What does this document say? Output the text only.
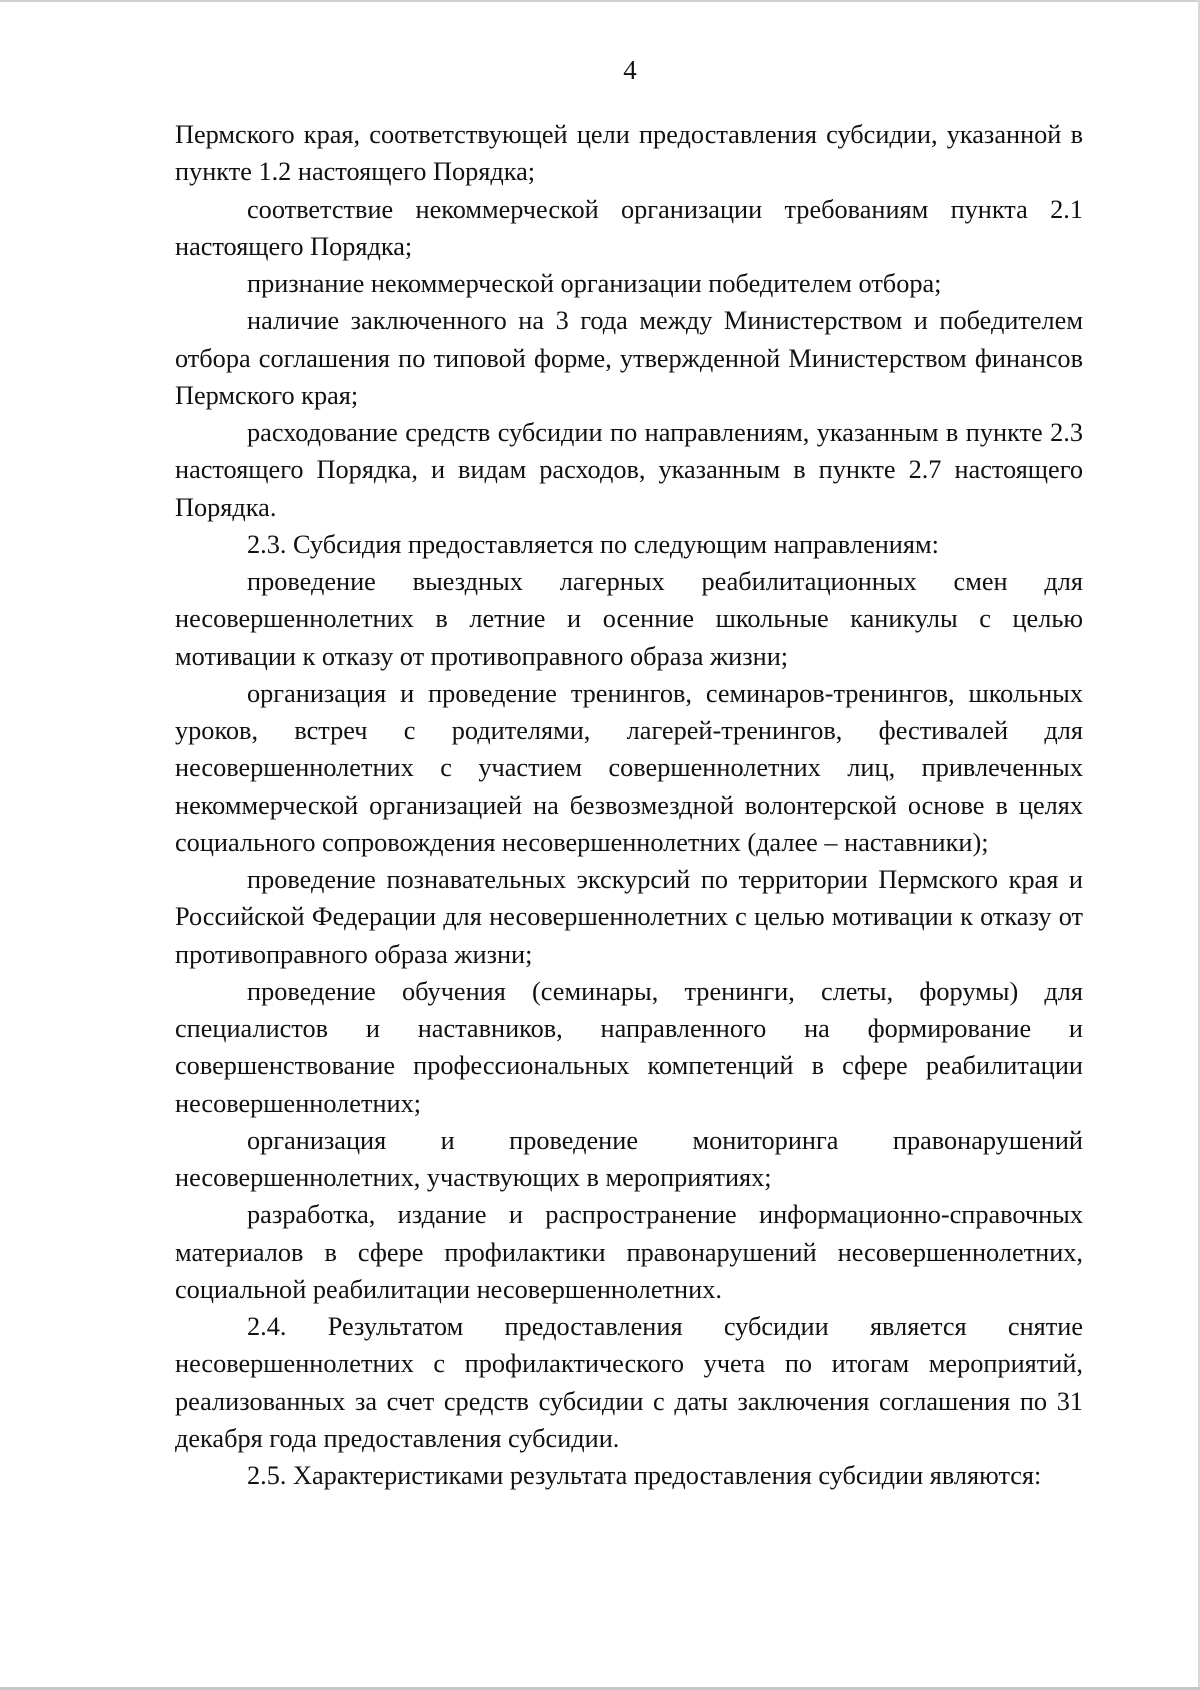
4

Пермского края, соответствующей цели предоставления субсидии, указанной в пункте 1.2 настоящего Порядка;

соответствие некоммерческой организации требованиям пункта 2.1 настоящего Порядка;

признание некоммерческой организации победителем отбора;

наличие заключенного на 3 года между Министерством и победителем отбора соглашения по типовой форме, утвержденной Министерством финансов Пермского края;

расходование средств субсидии по направлениям, указанным в пункте 2.3 настоящего Порядка, и видам расходов, указанным в пункте 2.7 настоящего Порядка.

2.3. Субсидия предоставляется по следующим направлениям:

проведение выездных лагерных реабилитационных смен для несовершеннолетних в летние и осенние школьные каникулы с целью мотивации к отказу от противоправного образа жизни;

организация и проведение тренингов, семинаров-тренингов, школьных уроков, встреч с родителями, лагерей-тренингов, фестивалей для несовершеннолетних с участием совершеннолетних лиц, привлеченных некоммерческой организацией на безвозмездной волонтерской основе в целях социального сопровождения несовершеннолетних (далее – наставники);

проведение познавательных экскурсий по территории Пермского края и Российской Федерации для несовершеннолетних с целью мотивации к отказу от противоправного образа жизни;

проведение обучения (семинары, тренинги, слеты, форумы) для специалистов и наставников, направленного на формирование и совершенствование профессиональных компетенций в сфере реабилитации несовершеннолетних;

организация и проведение мониторинга правонарушений несовершеннолетних, участвующих в мероприятиях;

разработка, издание и распространение информационно-справочных материалов в сфере профилактики правонарушений несовершеннолетних, социальной реабилитации несовершеннолетних.

2.4. Результатом предоставления субсидии является снятие несовершеннолетних с профилактического учета по итогам мероприятий, реализованных за счет средств субсидии с даты заключения соглашения по 31 декабря года предоставления субсидии.

2.5. Характеристиками результата предоставления субсидии являются:
